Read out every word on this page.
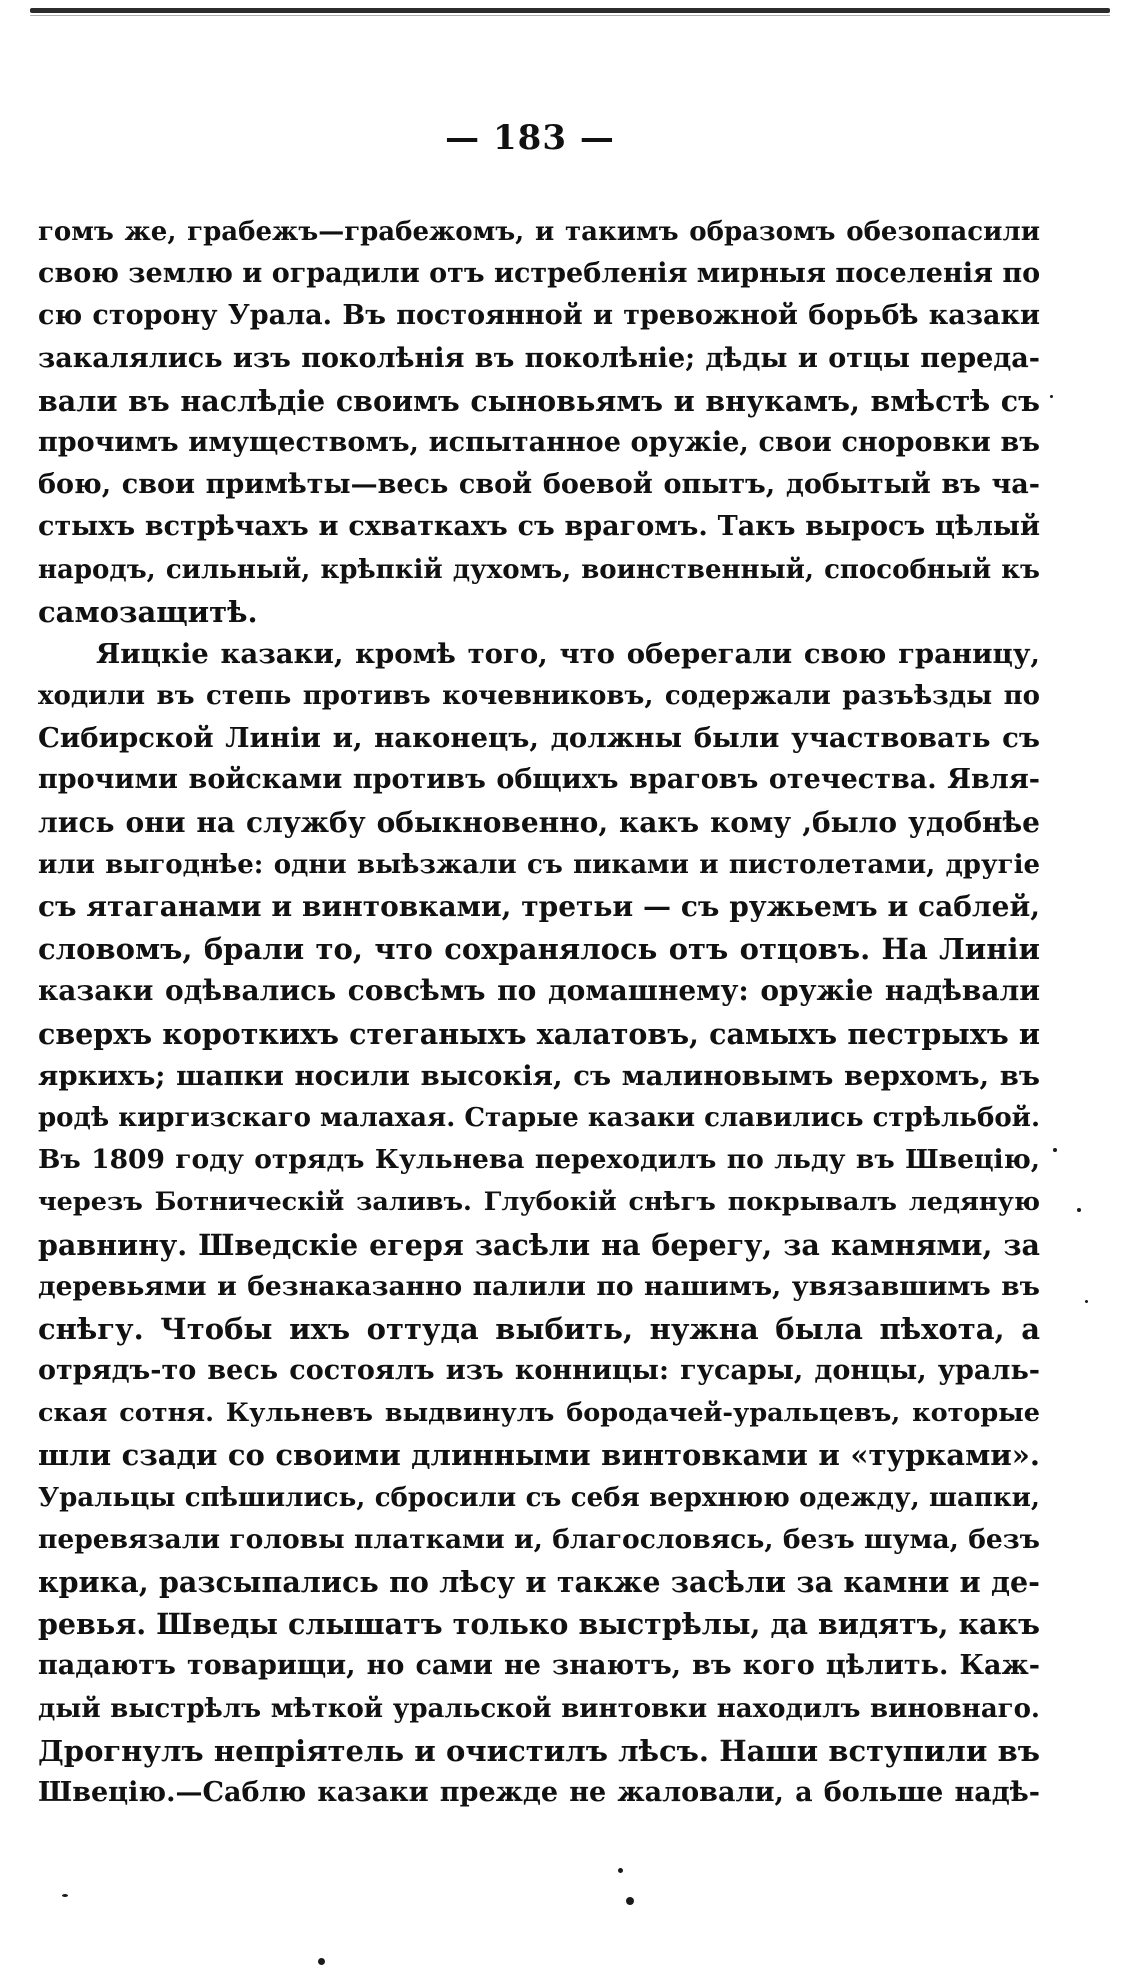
— 183 —
гомъ же, грабежъ—грабежомъ, и такимъ образомъ обезопасили
свою землю и оградили отъ истребленія мирныя поселенія по
сю сторону Урала. Въ постоянной и тревожной борьбѣ казаки
закалялись изъ поколѣнія въ поколѣніе; дѣды и отцы переда-
вали въ наслѣдіе своимъ сыновьямъ и внукамъ, вмѣстѣ съ
прочимъ имуществомъ, испытанное оружіе, свои сноровки въ
бою, свои примѣты—весь свой боевой опытъ, добытый въ ча-
стыхъ встрѣчахъ и схваткахъ съ врагомъ. Такъ выросъ цѣлый
народъ, сильный, крѣпкій духомъ, воинственный, способный къ
самозащитѣ.
Яицкіе казаки, кромѣ того, что оберегали свою границу,
ходили въ степь противъ кочевниковъ, содержали разъѣзды по
Сибирской Линіи и, наконецъ, должны были участвовать съ
прочими войсками противъ общихъ враговъ отечества. Явля-
лись они на службу обыкновенно, какъ кому ,было удобнѣе
или выгоднѣе: одни выѣзжали съ пиками и пистолетами, другіе
съ ятаганами и винтовками, третьи — съ ружьемъ и саблей,
словомъ, брали то, что сохранялось отъ отцовъ. На Линіи
казаки одѣвались совсѣмъ по домашнему: оружіе надѣвали
сверхъ короткихъ стеганыхъ халатовъ, самыхъ пестрыхъ и
яркихъ; шапки носили высокія, съ малиновымъ верхомъ, въ
родѣ киргизскаго малахая. Старые казаки славились стрѣльбой.
Въ 1809 году отрядъ Кульнева переходилъ по льду въ Швецію,
черезъ Ботническій заливъ. Глубокій снѣгъ покрывалъ ледяную
равнину. Шведскіе егеря засѣли на берегу, за камнями, за
деревьями и безнаказанно палили по нашимъ, увязавшимъ въ
снѣгу. Чтобы ихъ оттуда выбить, нужна была пѣхота, а
отрядъ-то весь состоялъ изъ конницы: гусары, донцы, ураль-
ская сотня. Кульневъ выдвинулъ бородачей-уральцевъ, которые
шли сзади со своими длинными винтовками и «турками».
Уральцы спѣшились, сбросили съ себя верхнюю одежду, шапки,
перевязали головы платками и, благословясь, безъ шума, безъ
крика, разсыпались по лѣсу и также засѣли за камни и де-
ревья. Шведы слышатъ только выстрѣлы, да видятъ, какъ
падаютъ товарищи, но сами не знаютъ, въ кого цѣлить. Каж-
дый выстрѣлъ мѣткой уральской винтовки находилъ виновнаго.
Дрогнулъ непріятель и очистилъ лѣсъ. Наши вступили въ
Швецію.—Саблю казаки прежде не жаловали, а больше надѣ-
